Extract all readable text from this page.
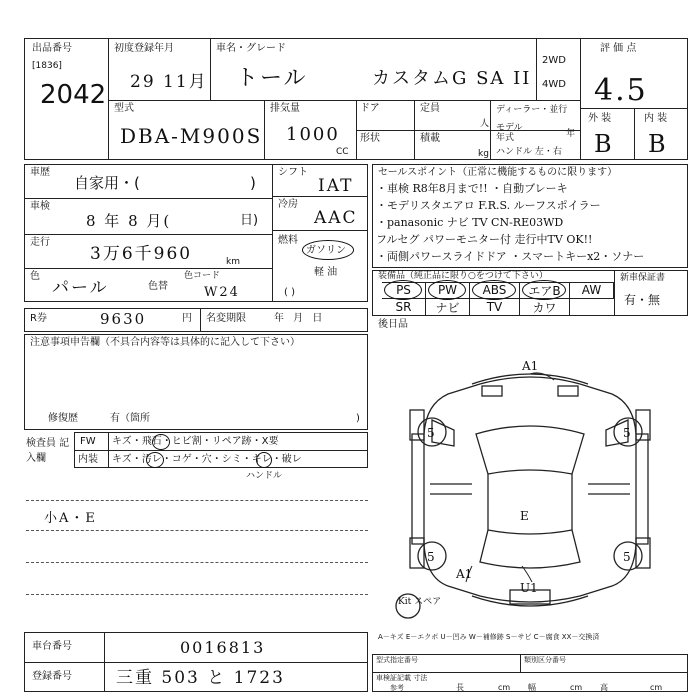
出品番号
[1836]
2042
初度登録年月
29 11月
車名・グレード
トール	カスタムG SA II
2WD
4WD
評 価 点
4.5
外 装	内 装
B B
型式
DBA-M900S
排気量
1000
CC
ドア
形状
定員
人
積載
kg
ディーラー・並行
モデル 年式	年
ハンドル 左・右
車歴
自家用・(	)
車検
8 年 8 月(	日)
走行
3万6千960	km
色
パール	色替
色コード
W24
シフト
IAT
冷房
AAC
燃料
ガソリン
軽 油
( )
セールスポイント（正常に機能するものに限ります）
・車検 R8年8月まで!! ・自動ブレーキ
・モデリスタエアロ F.R.S. ルーフスポイラー
・panasonic ナビ TV CN-RE03WD
フルセグ パワーモニター付 走行中TV OK!!
・両側パワースライドドア ・スマートキーx2・ソナー
装備品（純正品に限り○をつけて下さい）
PS	PW	ABS	エアB	AW
SR	ナビ	TV	カワ
新車保証書
有・無
R券	9630	円 名変期限	年 月 日
注意事項申告欄（不具合内容等は具体的に記入して下さい）
修復歴	有（箇所	)
後日品
検査員 記入欄
FW キズ・飛石・ヒビ割・リペア跡・X要
内装 キズ・汚レ・コゲ・穴・シミ・キレ・破レ
ハンドル
小A・E
A1
5	5
5	5
E
A1
U1
Kit スペア
A－キズ E－エクボ U－凹み W－補修跡 S－サビ C－腐食 XX－交換済
車台番号	0016813
登録番号	三重 503 と 1723
型式指定番号	類別区分番号
車検証記載 寸法
参考	長	cm 幅	cm 高	cm
